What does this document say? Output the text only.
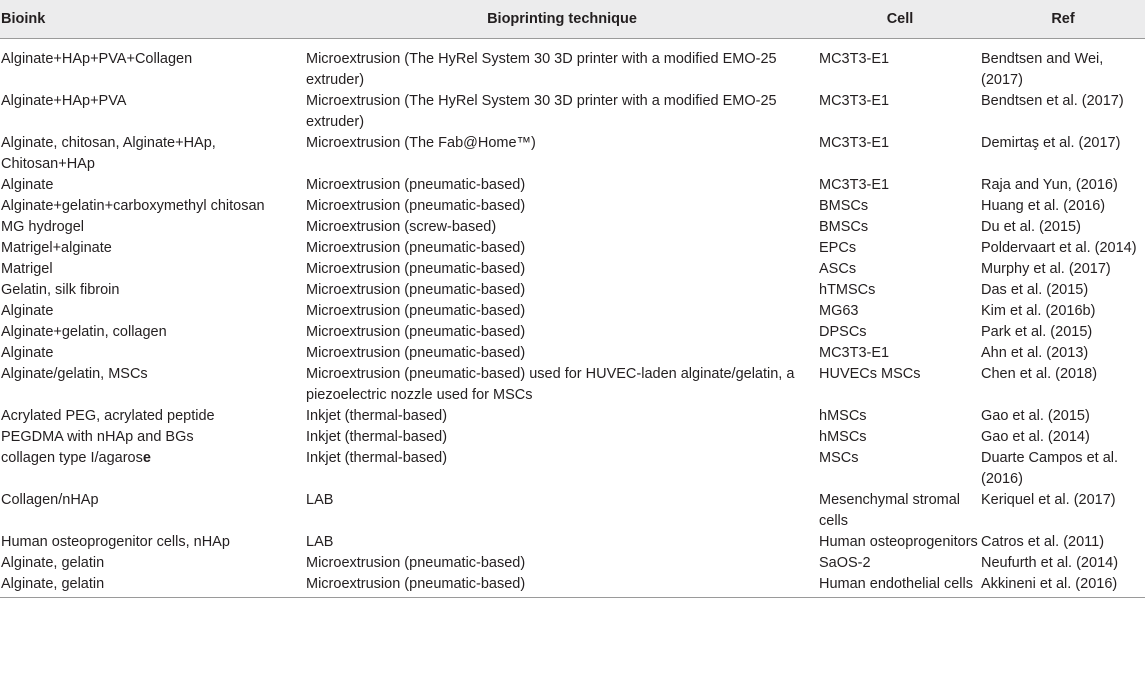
Bioink	Bioprinting technique	Cell	Ref
Alginate+HAp+PVA+Collagen	Microextrusion (The HyRel System 30 3D printer with a modified EMO-25 extruder)	MC3T3-E1	Bendtsen and Wei, (2017)
Alginate+HAp+PVA	Microextrusion (The HyRel System 30 3D printer with a modified EMO-25 extruder)	MC3T3-E1	Bendtsen et al. (2017)
Alginate, chitosan, Alginate+HAp, Chitosan+HAp	Microextrusion (The Fab@Home™)	MC3T3-E1	Demirtaş et al. (2017)
Alginate	Microextrusion (pneumatic-based)	MC3T3-E1	Raja and Yun, (2016)
Alginate+gelatin+carboxymethyl chitosan	Microextrusion (pneumatic-based)	BMSCs	Huang et al. (2016)
MG hydrogel	Microextrusion (screw-based)	BMSCs	Du et al. (2015)
Matrigel+alginate	Microextrusion (pneumatic-based)	EPCs	Poldervaart et al. (2014)
Matrigel	Microextrusion (pneumatic-based)	ASCs	Murphy et al. (2017)
Gelatin, silk fibroin	Microextrusion (pneumatic-based)	hTMSCs	Das et al. (2015)
Alginate	Microextrusion (pneumatic-based)	MG63	Kim et al. (2016b)
Alginate+gelatin, collagen	Microextrusion (pneumatic-based)	DPSCs	Park et al. (2015)
Alginate	Microextrusion (pneumatic-based)	MC3T3-E1	Ahn et al. (2013)
Alginate/gelatin, MSCs	Microextrusion (pneumatic-based) used for HUVEC-laden alginate/gelatin, a piezoelectric nozzle used for MSCs	HUVECs MSCs	Chen et al. (2018)
Acrylated PEG, acrylated peptide	Inkjet (thermal-based)	hMSCs	Gao et al. (2015)
PEGDMA with nHAp and BGs	Inkjet (thermal-based)	hMSCs	Gao et al. (2014)
collagen type I/agarose	Inkjet (thermal-based)	MSCs	Duarte Campos et al. (2016)
Collagen/nHAp	LAB	Mesenchymal stromal cells	Keriquel et al. (2017)
Human osteoprogenitor cells, nHAp	LAB	Human osteoprogenitors	Catros et al. (2011)
Alginate, gelatin	Microextrusion (pneumatic-based)	SaOS-2	Neufurth et al. (2014)
Alginate, gelatin	Microextrusion (pneumatic-based)	Human endothelial cells	Akkineni et al. (2016)
